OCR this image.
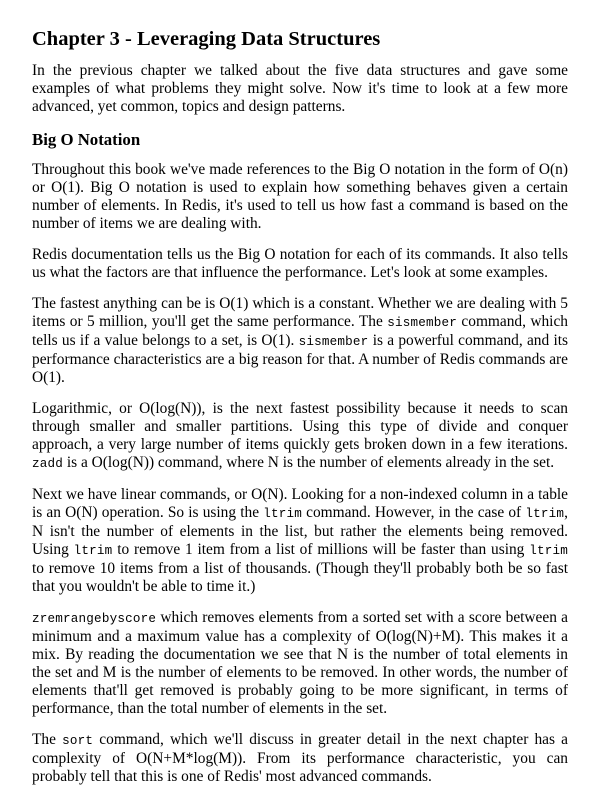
Chapter 3 - Leveraging Data Structures

In the previous chapter we talked about the five data structures and gave some examples of what problems they might solve. Now it's time to look at a few more advanced, yet common, topics and design patterns.

Big O Notation

Throughout this book we've made references to the Big O notation in the form of O(n) or O(1). Big O notation is used to explain how something behaves given a certain number of elements. In Redis, it's used to tell us how fast a command is based on the number of items we are dealing with.

Redis documentation tells us the Big O notation for each of its commands. It also tells us what the factors are that influence the performance. Let's look at some examples.

The fastest anything can be is O(1) which is a constant. Whether we are dealing with 5 items or 5 million, you'll get the same performance. The sismember command, which tells us if a value belongs to a set, is O(1). sismember is a powerful command, and its performance characteristics are a big reason for that. A number of Redis commands are O(1).

Logarithmic, or O(log(N)), is the next fastest possibility because it needs to scan through smaller and smaller partitions. Using this type of divide and conquer approach, a very large number of items quickly gets broken down in a few iterations. zadd is a O(log(N)) command, where N is the number of elements already in the set.

Next we have linear commands, or O(N). Looking for a non-indexed column in a table is an O(N) operation. So is using the ltrim command. However, in the case of ltrim, N isn't the number of elements in the list, but rather the elements being removed. Using ltrim to remove 1 item from a list of millions will be faster than using ltrim to remove 10 items from a list of thousands. (Though they'll probably both be so fast that you wouldn't be able to time it.)

zremrangebyscore which removes elements from a sorted set with a score between a minimum and a maximum value has a complexity of O(log(N)+M). This makes it a mix. By reading the documentation we see that N is the number of total elements in the set and M is the number of elements to be removed. In other words, the number of elements that'll get removed is probably going to be more significant, in terms of performance, than the total number of elements in the set.

The sort command, which we'll discuss in greater detail in the next chapter has a complexity of O(N+M*log(M)). From its performance characteristic, you can probably tell that this is one of Redis' most advanced commands.
